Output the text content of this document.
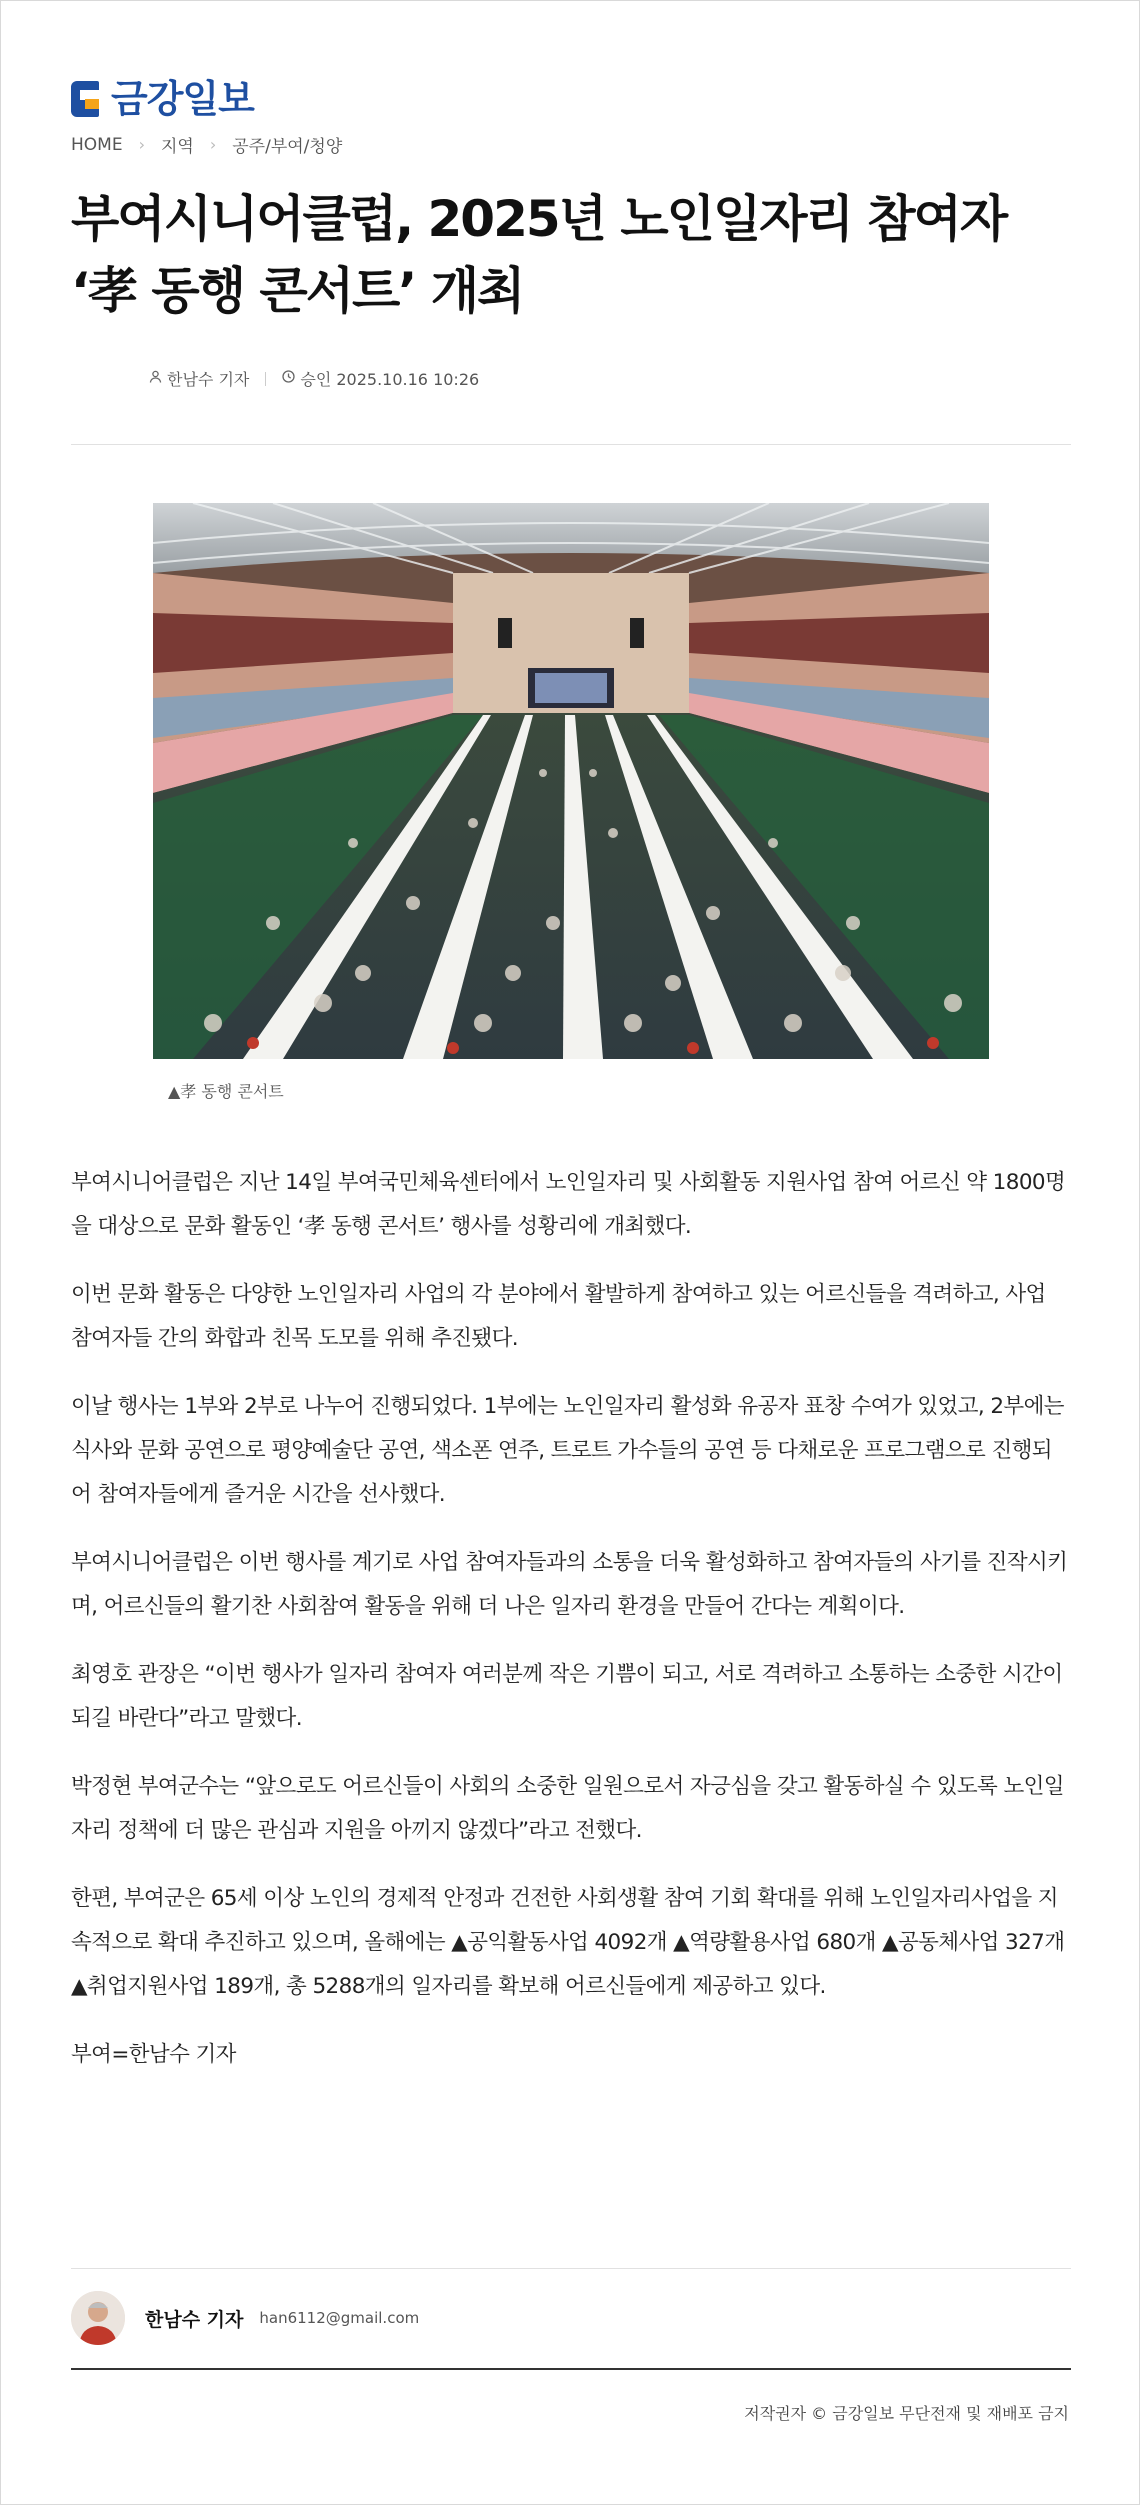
금강일보
HOME › 지역 › 공주/부여/청양
부여시니어클럽, 2025년 노인일자리 참여자
‘孝 동행 콘서트’ 개최
한남수 기자	승인 2025.10.16 10:26
▲孝 동행 콘서트

부여시니어클럽은 지난 14일 부여국민체육센터에서 노인일자리 및 사회활동 지원사업 참여 어르신 약 1800명을 대상으로 문화 활동인 ‘孝 동행 콘서트’ 행사를 성황리에 개최했다.

이번 문화 활동은 다양한 노인일자리 사업의 각 분야에서 활발하게 참여하고 있는 어르신들을 격려하고, 사업 참여자들 간의 화합과 친목 도모를 위해 추진됐다.

이날 행사는 1부와 2부로 나누어 진행되었다. 1부에는 노인일자리 활성화 유공자 표창 수여가 있었고, 2부에는 식사와 문화 공연으로 평양예술단 공연, 색소폰 연주, 트로트 가수들의 공연 등 다채로운 프로그램으로 진행되어 참여자들에게 즐거운 시간을 선사했다.

부여시니어클럽은 이번 행사를 계기로 사업 참여자들과의 소통을 더욱 활성화하고 참여자들의 사기를 진작시키며, 어르신들의 활기찬 사회참여 활동을 위해 더 나은 일자리 환경을 만들어 간다는 계획이다.

최영호 관장은 “이번 행사가 일자리 참여자 여러분께 작은 기쁨이 되고, 서로 격려하고 소통하는 소중한 시간이 되길 바란다”라고 말했다.

박정현 부여군수는 “앞으로도 어르신들이 사회의 소중한 일원으로서 자긍심을 갖고 활동하실 수 있도록 노인일자리 정책에 더 많은 관심과 지원을 아끼지 않겠다”라고 전했다.

한편, 부여군은 65세 이상 노인의 경제적 안정과 건전한 사회생활 참여 기회 확대를 위해 노인일자리사업을 지속적으로 확대 추진하고 있으며, 올해에는 ▲공익활동사업 4092개 ▲역량활용사업 680개 ▲공동체사업 327개 ▲취업지원사업 189개, 총 5288개의 일자리를 확보해 어르신들에게 제공하고 있다.

부여=한남수 기자

한남수 기자 han6112@gmail.com
저작권자 © 금강일보 무단전재 및 재배포 금지
